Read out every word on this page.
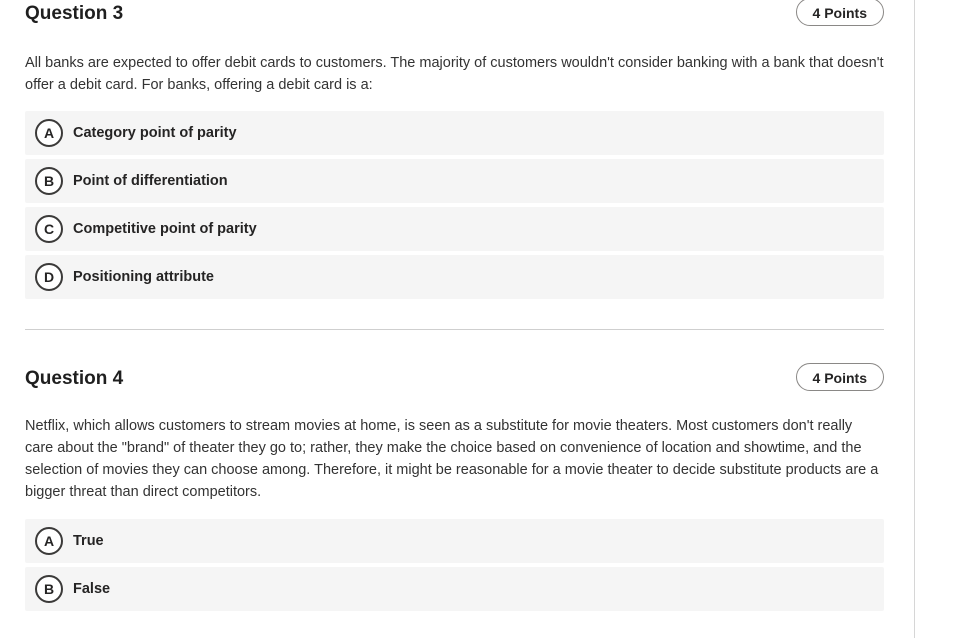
Question 3	4 Points

All banks are expected to offer debit cards to customers. The majority of customers wouldn't consider banking with a bank that doesn't offer a debit card. For banks, offering a debit card is a:

A	Category point of parity
B	Point of differentiation
C	Competitive point of parity
D	Positioning attribute
Question 4	4 Points

Netflix, which allows customers to stream movies at home, is seen as a substitute for movie theaters. Most customers don't really care about the "brand" of theater they go to; rather, they make the choice based on convenience of location and showtime, and the selection of movies they can choose among. Therefore, it might be reasonable for a movie theater to decide substitute products are a bigger threat than direct competitors.

A	True
B	False
